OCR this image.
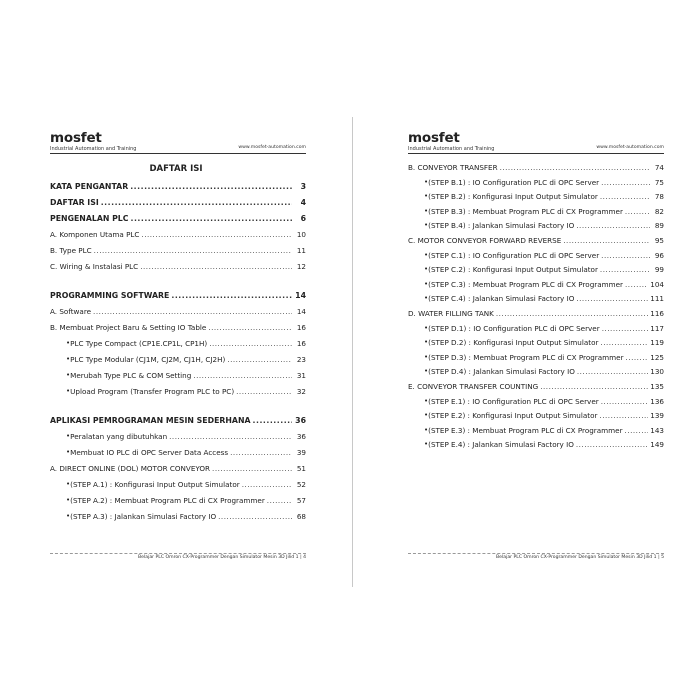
mosfet
Industrial Automation and Training	www.mosfet-automation.com
DAFTAR ISI
KATA PENGANTAR .....	3
DAFTAR ISI .....	4
PENGENALAN PLC .....	6
A. Komponen Utama PLC .....	10
B. Type PLC .....	11
C. Wiring & Instalasi PLC .....	12
PROGRAMMING SOFTWARE .....	14
A. Software .....	14
B. Membuat Project Baru & Setting IO Table .....	16
• PLC Type Compact (CP1E.CP1L, CP1H) .....	16
• PLC Type Modular (CJ1M, CJ2M, CJ1H, CJ2H) .....	23
• Merubah Type PLC & COM Setting .....	31
• Upload Program (Transfer Program PLC to PC) .....	32
APLIKASI PEMROGRAMAN MESIN SEDERHANA .....	36
• Peralatan yang dibutuhkan .....	36
• Membuat IO PLC di OPC Server Data Access .....	39
A. DIRECT ONLINE (DOL) MOTOR CONVEYOR .....	51
• (STEP A.1) : Konfigurasi Input Output Simulator .....	52
• (STEP A.2) : Membuat Program PLC di CX Programmer .....	57
• (STEP A.3) : Jalankan Simulasi Factory IO .....	68
Belajar PLC Omron CX-Programmer Dengan Simulator Mesin 3D Jilid 1 | 4
mosfet
Industrial Automation and Training	www.mosfet-automation.com
B. CONVEYOR TRANSFER .....	74
• (STEP B.1) : IO Configuration PLC di OPC Server .....	75
• (STEP B.2) : Konfigurasi Input Output Simulator .....	78
• (STEP B.3) : Membuat Program PLC di CX Programmer .....	82
• (STEP B.4) : Jalankan Simulasi Factory IO .....	89
C. MOTOR CONVEYOR FORWARD REVERSE .....	95
• (STEP C.1) : IO Configuration PLC di OPC Server .....	96
• (STEP C.2) : Konfigurasi Input Output Simulator .....	99
• (STEP C.3) : Membuat Program PLC di CX Programmer .....	104
• (STEP C.4) : Jalankan Simulasi Factory IO .....	111
D. WATER FILLING TANK .....	116
• (STEP D.1) : IO Configuration PLC di OPC Server .....	117
• (STEP D.2) : Konfigurasi Input Output Simulator .....	119
• (STEP D.3) : Membuat Program PLC di CX Programmer .....	125
• (STEP D.4) : Jalankan Simulasi Factory IO .....	130
E. CONVEYOR TRANSFER COUNTING .....	135
• (STEP E.1) : IO Configuration PLC di OPC Server .....	136
• (STEP E.2) : Konfigurasi Input Output Simulator .....	139
• (STEP E.3) : Membuat Program PLC di CX Programmer .....	143
• (STEP E.4) : Jalankan Simulasi Factory IO .....	149
Belajar PLC Omron CX-Programmer Dengan Simulator Mesin 3D Jilid 1 | 5
